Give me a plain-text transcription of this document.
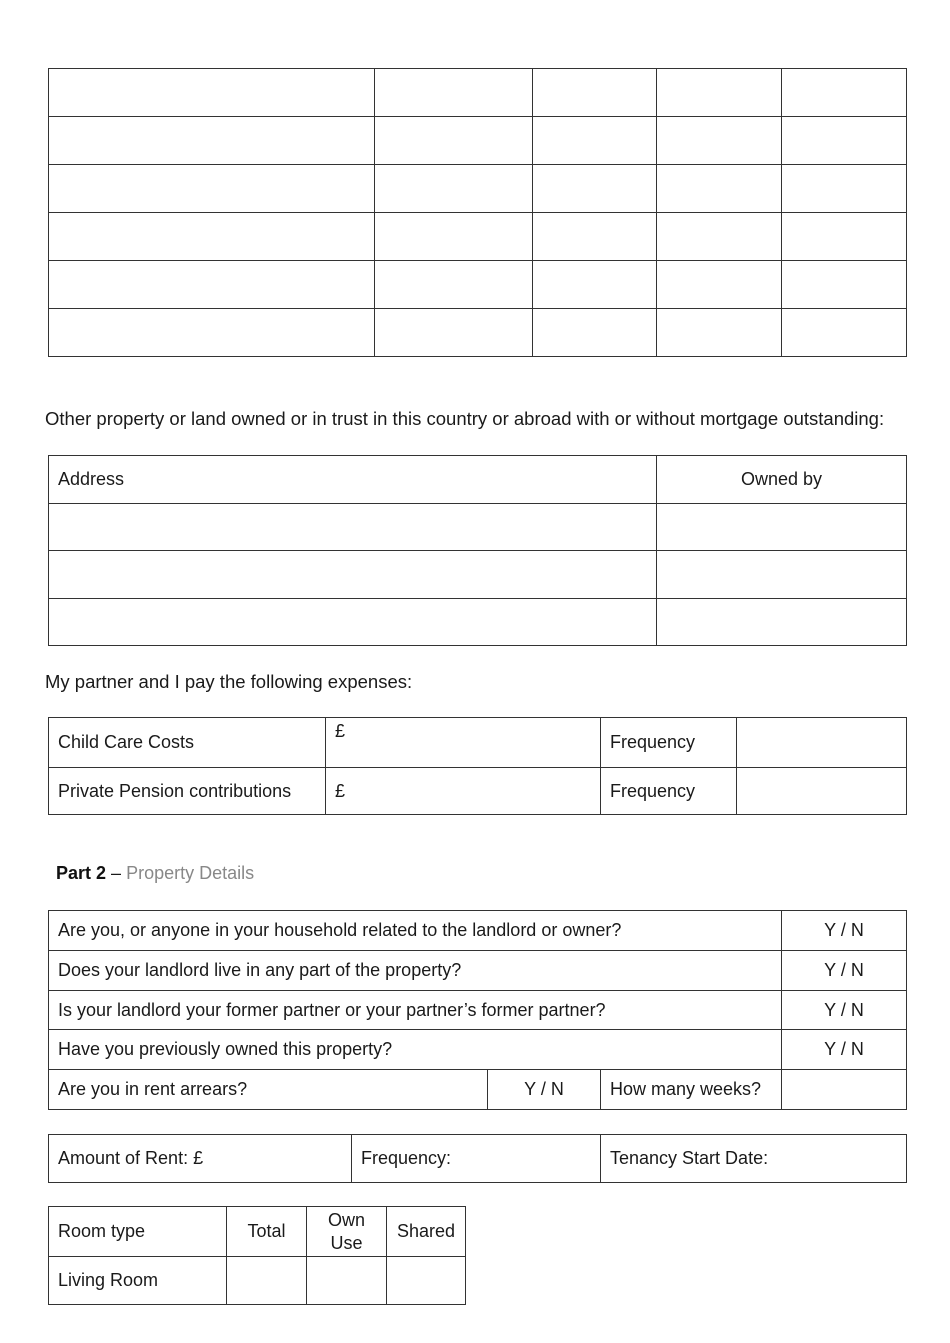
Other property or land owned or in trust in this country or abroad with or without mortgage outstanding:
Address	Owned by

My partner and I pay the following expenses:
Child Care Costs	£	Frequency	
Private Pension contributions	£	Frequency	
Part 2 – Property Details
Are you, or anyone in your household related to the landlord or owner?			Y / N
Does your landlord live in any part of the property?			Y / N
Is your landlord your former partner or your partner’s former partner?			Y / N
Have you previously owned this property?			Y / N
Are you in rent arrears?	Y / N	How many weeks?	
Amount of Rent: £	Frequency:	Tenancy Start Date:
Room type	Total	Own Use	Shared
Living Room			
